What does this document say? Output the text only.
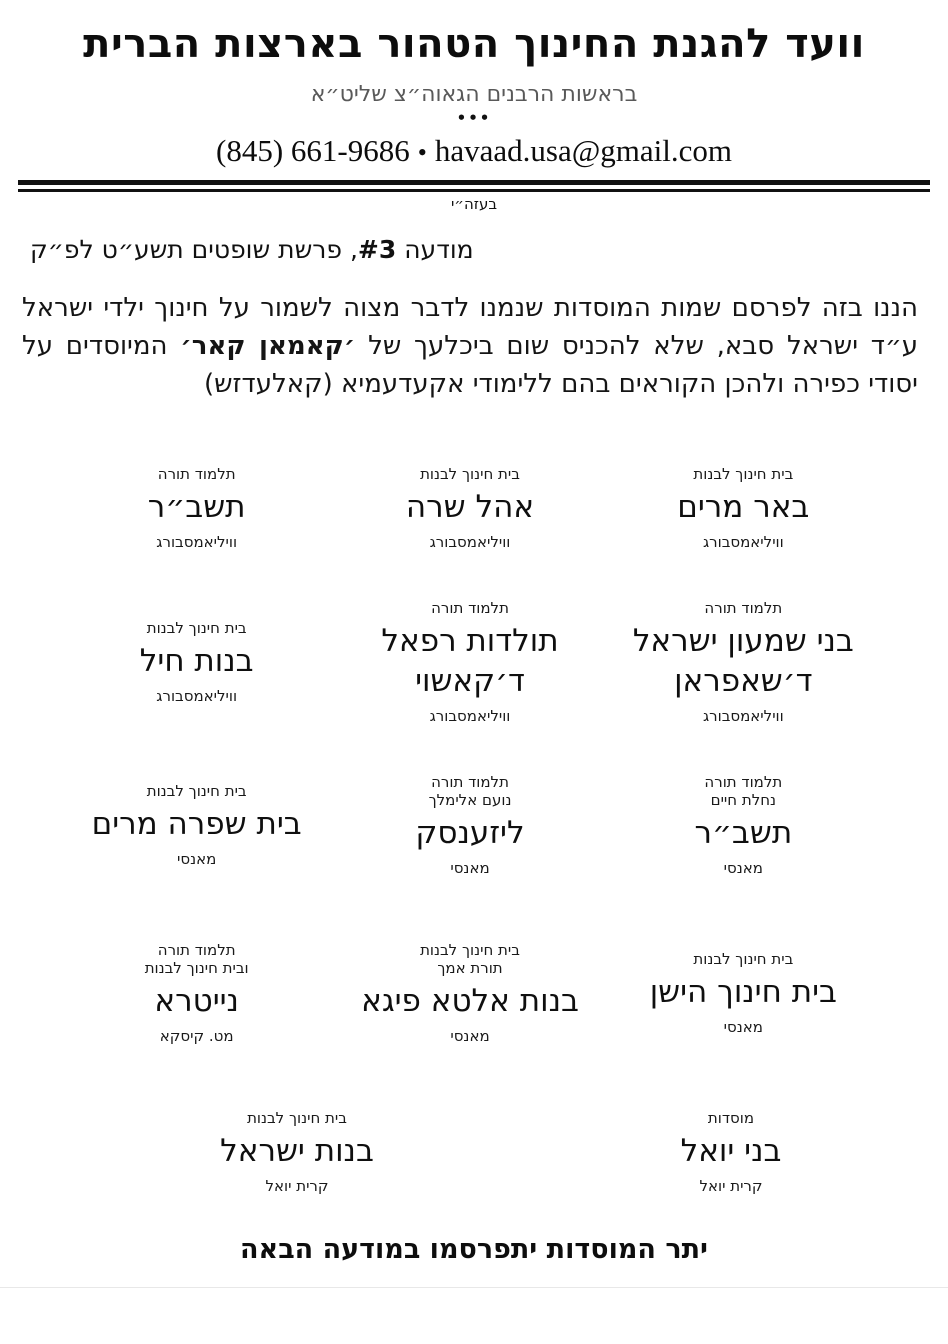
וועד להגנת החינוך הטהור בארצות הברית
בראשות הרבנים הגאוה״צ שליט״א
•••
(845) 661-9686 • havaad.usa@gmail.com
בעזה״י
מודעה #3, פרשת שופטים תשע״ט לפ״ק
הננו בזה לפרסם שמות המוסדות שנמנו לדבר מצוה לשמור על חינוך ילדי ישראל ע״ד ישראל סבא, שלא להכניס שום ביכלעך של ׳קאמאן קאר׳ המיוסדים על יסודי כפירה ולהכן הקוראים בהם ללימודי אקעדעמיא (קאלעדזש)
בית חינוך לבנות
באר מרים
וויליאמסבורג
בית חינוך לבנות
אהל שרה
וויליאמסבורג
תלמוד תורה
תשב״ר
וויליאמסבורג
תלמוד תורה
בני שמעון ישראל
ד׳שאפראן
וויליאמסבורג
תלמוד תורה
תולדות רפאל
ד׳קאשוי
וויליאמסבורג
בית חינוך לבנות
בנות חיל
וויליאמסבורג
תלמוד תורה
נחלת חיים
תשב״ר
מאנסי
תלמוד תורה
נועם אלימלך
ליזענסק
מאנסי
בית חינוך לבנות
בית שפרה מרים
מאנסי
בית חינוך לבנות
בית חינוך הישן
מאנסי
בית חינוך לבנות
תורת אמך
בנות אלטא פיגא
מאנסי
תלמוד תורה
ובית חינוך לבנות
נייטרא
מט. קיסקא
מוסדות
בני יואל
קרית יואל
בית חינוך לבנות
בנות ישראל
קרית יואל
יתר המוסדות יתפרסמו במודעה הבאה
